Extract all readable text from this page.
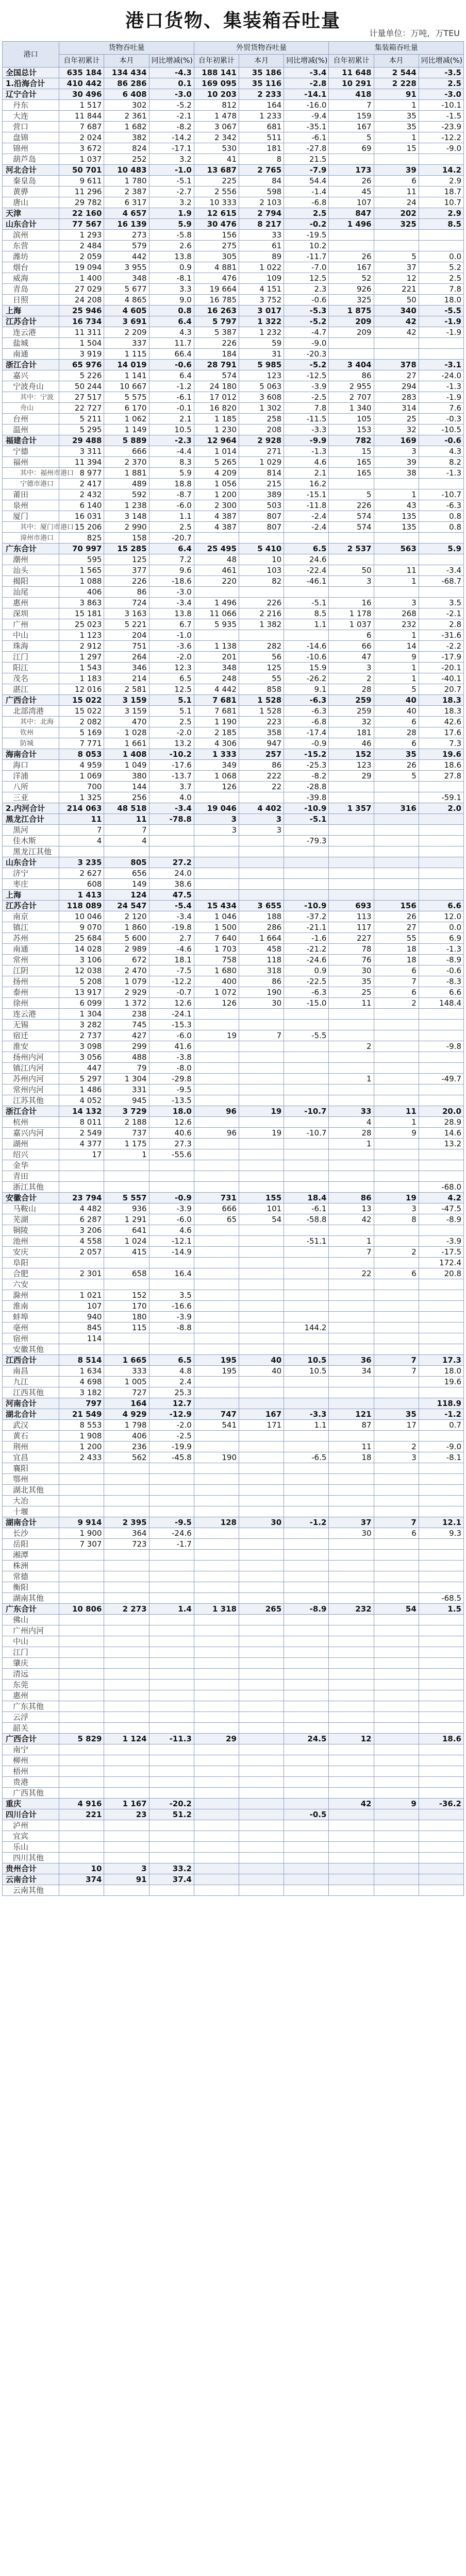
港口货物、集装箱吞吐量
计量单位：万吨，万TEU
港口	货物吞吐量			外贸货物吞吐量			集装箱吞吐量		
	自年初累计	本月	同比增减(%)	自年初累计	本月	同比增减(%)	自年初累计	本月	同比增减(%)
全国总计	635 184	134 434	-4.3	188 141	35 186	-3.4	11 648	2 544	-3.5
1.沿海合计	410 442	86 286	0.1	169 095	35 116	-2.8	10 291	2 228	2.5
辽宁合计	30 496	6 408	-3.0	10 203	2 233	-14.1	418	91	-3.0
丹东	1 517	302	-5.2	812	164	-16.0	7	1	-10.1
大连	11 844	2 361	-2.1	1 478	1 233	-9.4	159	35	-1.5
营口	7 687	1 682	-8.2	3 067	681	-35.1	167	35	-23.9
盘锦	2 024	382	-14.2	2 342	511	-6.1	5	1	-12.2
锦州	3 672	824	-17.1	530	181	-27.8	69	15	-9.0
葫芦岛	1 037	252	3.2	41	8	21.5			
河北合计	50 701	10 483	-1.0	13 687	2 765	-7.9	173	39	14.2
秦皇岛	9 611	1 780	-5.1	225	84	54.4	26	6	2.9
黄骅	11 296	2 387	-2.7	2 556	598	-1.4	45	11	18.7
唐山	29 782	6 317	3.2	10 333	2 103	-6.8	107	24	10.7
天津	22 160	4 657	1.9	12 615	2 794	2.5	847	202	2.9
山东合计	77 567	16 139	5.9	30 476	8 217	-0.2	1 496	325	8.5
滨州	1 293	273	-5.8	156	33	-19.5			
东营	2 484	579	2.6	275	61	10.2			
潍坊	2 059	442	13.8	305	89	-11.7	26	5	0.0
烟台	19 094	3 955	0.9	4 881	1 022	-7.0	167	37	5.2
威海	1 400	348	-8.1	476	109	12.5	52	12	2.5
青岛	27 029	5 677	3.3	19 664	4 151	2.3	926	221	7.8
日照	24 208	4 865	9.0	16 785	3 752	-0.6	325	50	18.0
上海	25 946	4 605	0.8	16 263	3 017	-5.3	1 875	340	-5.5
江苏合计	16 734	3 691	6.4	5 797	1 322	-5.2	209	42	-1.9
连云港	11 311	2 209	4.3	5 387	1 232	-4.7	209	42	-1.9
盐城	1 504	337	11.7	226	59	-9.0			
南通	3 919	1 115	66.4	184	31	-20.3			
浙江合计	65 976	14 019	-0.6	28 791	5 985	-5.2	3 404	378	-3.1
嘉兴	5 226	1 141	6.4	574	123	-12.5	86	27	-24.0
宁波舟山	50 244	10 667	-1.2	24 180	5 063	-3.9	2 955	294	-1.3
其中：宁波	27 517	5 575	-6.1	17 012	3 608	-2.5	2 707	283	-1.9
舟山	22 727	6 170	-0.1	16 820	1 302	7.8	1 340	314	7.6
台州	5 211	1 062	2.1	1 185	258	-11.5	105	25	-0.3
温州	5 295	1 149	10.5	1 230	208	-3.3	153	32	-10.5
福建合计	29 488	5 889	-2.3	12 964	2 928	-9.9	782	169	-0.6
宁德	3 311	666	-4.4	1 014	271	-1.3	15	3	4.3
福州	11 394	2 370	8.3	5 265	1 029	4.6	165	39	8.2
其中：福州市港口	8 977	1 881	5.9	4 209	814	2.1	165	38	-1.3
宁德市港口	2 417	489	18.8	1 056	215	16.2			
莆田	2 432	592	-8.7	1 200	389	-15.1	5	1	-10.7
泉州	6 140	1 238	-6.0	2 300	503	-11.8	226	43	-6.3
厦门	16 031	3 148	1.1	4 387	807	-2.4	574	135	0.8
其中：厦门市港口	15 206	2 990	2.5	4 387	807	-2.4	574	135	0.8
漳州市港口	825	158	-20.7						
广东合计	70 997	15 285	6.4	25 495	5 410	6.5	2 537	563	5.9
潮州	595	125	7.2	48	10	24.6			
汕头	1 565	377	9.6	461	103	-22.4	50	11	-3.4
揭阳	1 088	226	-18.6	220	82	-46.1	3	1	-68.7
汕尾	406	86	-3.0						
惠州	3 863	724	-3.4	1 496	226	-5.1	16	3	3.5
深圳	15 181	3 163	13.8	11 066	2 216	8.5	1 178	268	-2.1
广州	25 023	5 221	6.7	5 935	1 382	1.1	1 037	232	2.8
中山	1 123	204	-1.0				6	1	-31.6
珠海	2 912	751	-3.6	1 138	282	-14.6	66	14	-2.2
江门	1 297	264	-2.0	201	56	-10.6	47	9	-17.9
阳江	1 543	346	12.3	348	125	15.9	3	1	-20.1
茂名	1 183	214	6.5	248	55	-26.2	2	1	-40.1
湛江	12 016	2 581	12.5	4 442	858	9.1	28	5	20.7
广西合计	15 022	3 159	5.1	7 681	1 528	-6.3	259	40	18.3
北部湾港	15 022	3 159	5.1	7 681	1 528	-6.3	259	40	18.3
其中：北海	2 082	470	2.5	1 190	223	-6.8	32	6	42.6
钦州	5 169	1 028	-2.0	2 185	358	-17.4	181	28	17.6
防城	7 771	1 661	13.2	4 306	947	-0.9	46	6	7.3
海南合计	8 053	1 408	-10.2	1 333	257	-15.2	152	35	19.6
海口	4 959	1 049	-17.6	349	86	-25.3	123	26	18.6
洋浦	1 069	380	-13.7	1 068	222	-8.2	29	5	27.8
八所	700	144	3.7	126	22	-28.8			
三亚	1 325	256	4.0			-39.8			-59.1
2.内河合计	214 063	48 518	-3.4	19 046	4 402	-10.9	1 357	316	2.0
黑龙江合计	11	11	-78.8	3	3	-5.1			
黑河	7	7		3	3				
佳木斯	4	4				-79.3			
黑龙江其他									
山东合计	3 235	805	27.2						
济宁	2 627	656	24.0						
枣庄	608	149	38.6						
上海	1 413	124	47.5						
江苏合计	118 089	24 547	-5.4	15 434	3 655	-10.9	693	156	6.6
南京	10 046	2 120	-3.4	1 046	188	-37.2	113	26	12.0
镇江	9 070	1 860	-19.8	1 500	286	-21.1	117	27	0.0
苏州	25 684	5 600	2.7	7 640	1 664	-1.6	227	55	6.9
南通	14 028	2 989	-4.6	1 703	458	-21.2	78	18	-1.3
常州	3 106	672	18.1	758	118	-24.6	76	18	-8.9
江阴	12 038	2 470	-7.5	1 680	318	0.9	30	6	-0.6
扬州	5 208	1 079	-12.2	400	86	-22.5	35	7	-8.3
泰州	13 917	2 929	-0.7	1 072	190	-6.3	25	6	6.6
徐州	6 099	1 372	12.6	126	30	-15.0	11	2	148.4
连云港	1 304	238	-24.1						
无锡	3 282	745	-15.3						
宿迁	2 737	427	-6.0	19	7	-5.5			
淮安	3 098	299	41.6				2		-9.8
扬州内河	3 056	488	-3.8						
镇江内河	447	79	-8.0						
苏州内河	5 297	1 304	-29.8				1		-49.7
常州内河	1 486	331	-9.5						
江苏其他	4 052	945	-13.5						
浙江合计	14 132	3 729	18.0	96	19	-10.7	33	11	20.0
杭州	8 011	2 188	12.6				4	1	28.9
嘉兴内河	2 549	737	40.6	96	19	-10.7	28	9	14.6
湖州	4 377	1 175	27.3				1		13.2
绍兴	17	1	-55.6						
金华									
青田									
浙江其他									-68.0
安徽合计	23 794	5 557	-0.9	731	155	18.4	86	19	4.2
马鞍山	4 482	936	-3.9	666	101	-6.1	13	3	-47.5
芜湖	6 287	1 291	-6.0	65	54	-58.8	42	8	-8.9
铜陵	3 206	641	4.6						
池州	4 558	1 024	-12.1			-51.1	1		-3.9
安庆	2 057	415	-14.9				7	2	-17.5
阜阳									172.4
合肥	2 301	658	16.4				22	6	20.8
六安									
滁州	1 021	152	3.5						
淮南	107	170	-16.6						
蚌埠	940	180	-3.9						
亳州	845	115	-8.8			144.2			
宿州	114								
安徽其他									
江西合计	8 514	1 665	6.5	195	40	10.5	36	7	17.3
南昌	1 634	333	4.8	195	40	10.5	34	7	18.0
九江	4 698	1 005	2.4						19.6
江西其他	3 182	727	25.3						
河南合计	797	164	12.7						118.9
湖北合计	21 549	4 929	-12.9	747	167	-3.3	121	35	-1.2
武汉	8 553	1 798	-2.0	541	171	1.1	87	17	0.7
黄石	1 908	406	-2.5						
荆州	1 200	236	-19.9				11	2	-9.0
宜昌	2 433	562	-45.8	190		-6.5	18	3	-8.1
襄阳									
鄂州									
湖北其他									
大冶									
十堰									
湖南合计	9 914	2 395	-9.5	128	30	-1.2	37	7	12.1
长沙	1 900	364	-24.6				30	6	9.3
岳阳	7 307	723	-1.7						
湘潭									
株洲									
常德									
衡阳									
湖南其他									-68.5
广东合计	10 806	2 273	1.4	1 318	265	-8.9	232	54	1.5
佛山									
广州内河									
中山									
江门									
肇庆									
清远									
东莞									
惠州									
广东其他									
云浮									
韶关									
广西合计	5 829	1 124	-11.3	29		24.5	12		18.6
南宁									
柳州									
梧州									
贵港									
广西其他									
重庆	4 916	1 167	-20.2				42	9	-36.2
四川合计	221	23	51.2			-0.5			
泸州									
宜宾									
乐山									
四川其他									
贵州合计	10	3	33.2						
云南合计	374	91	37.4						
云南其他									
